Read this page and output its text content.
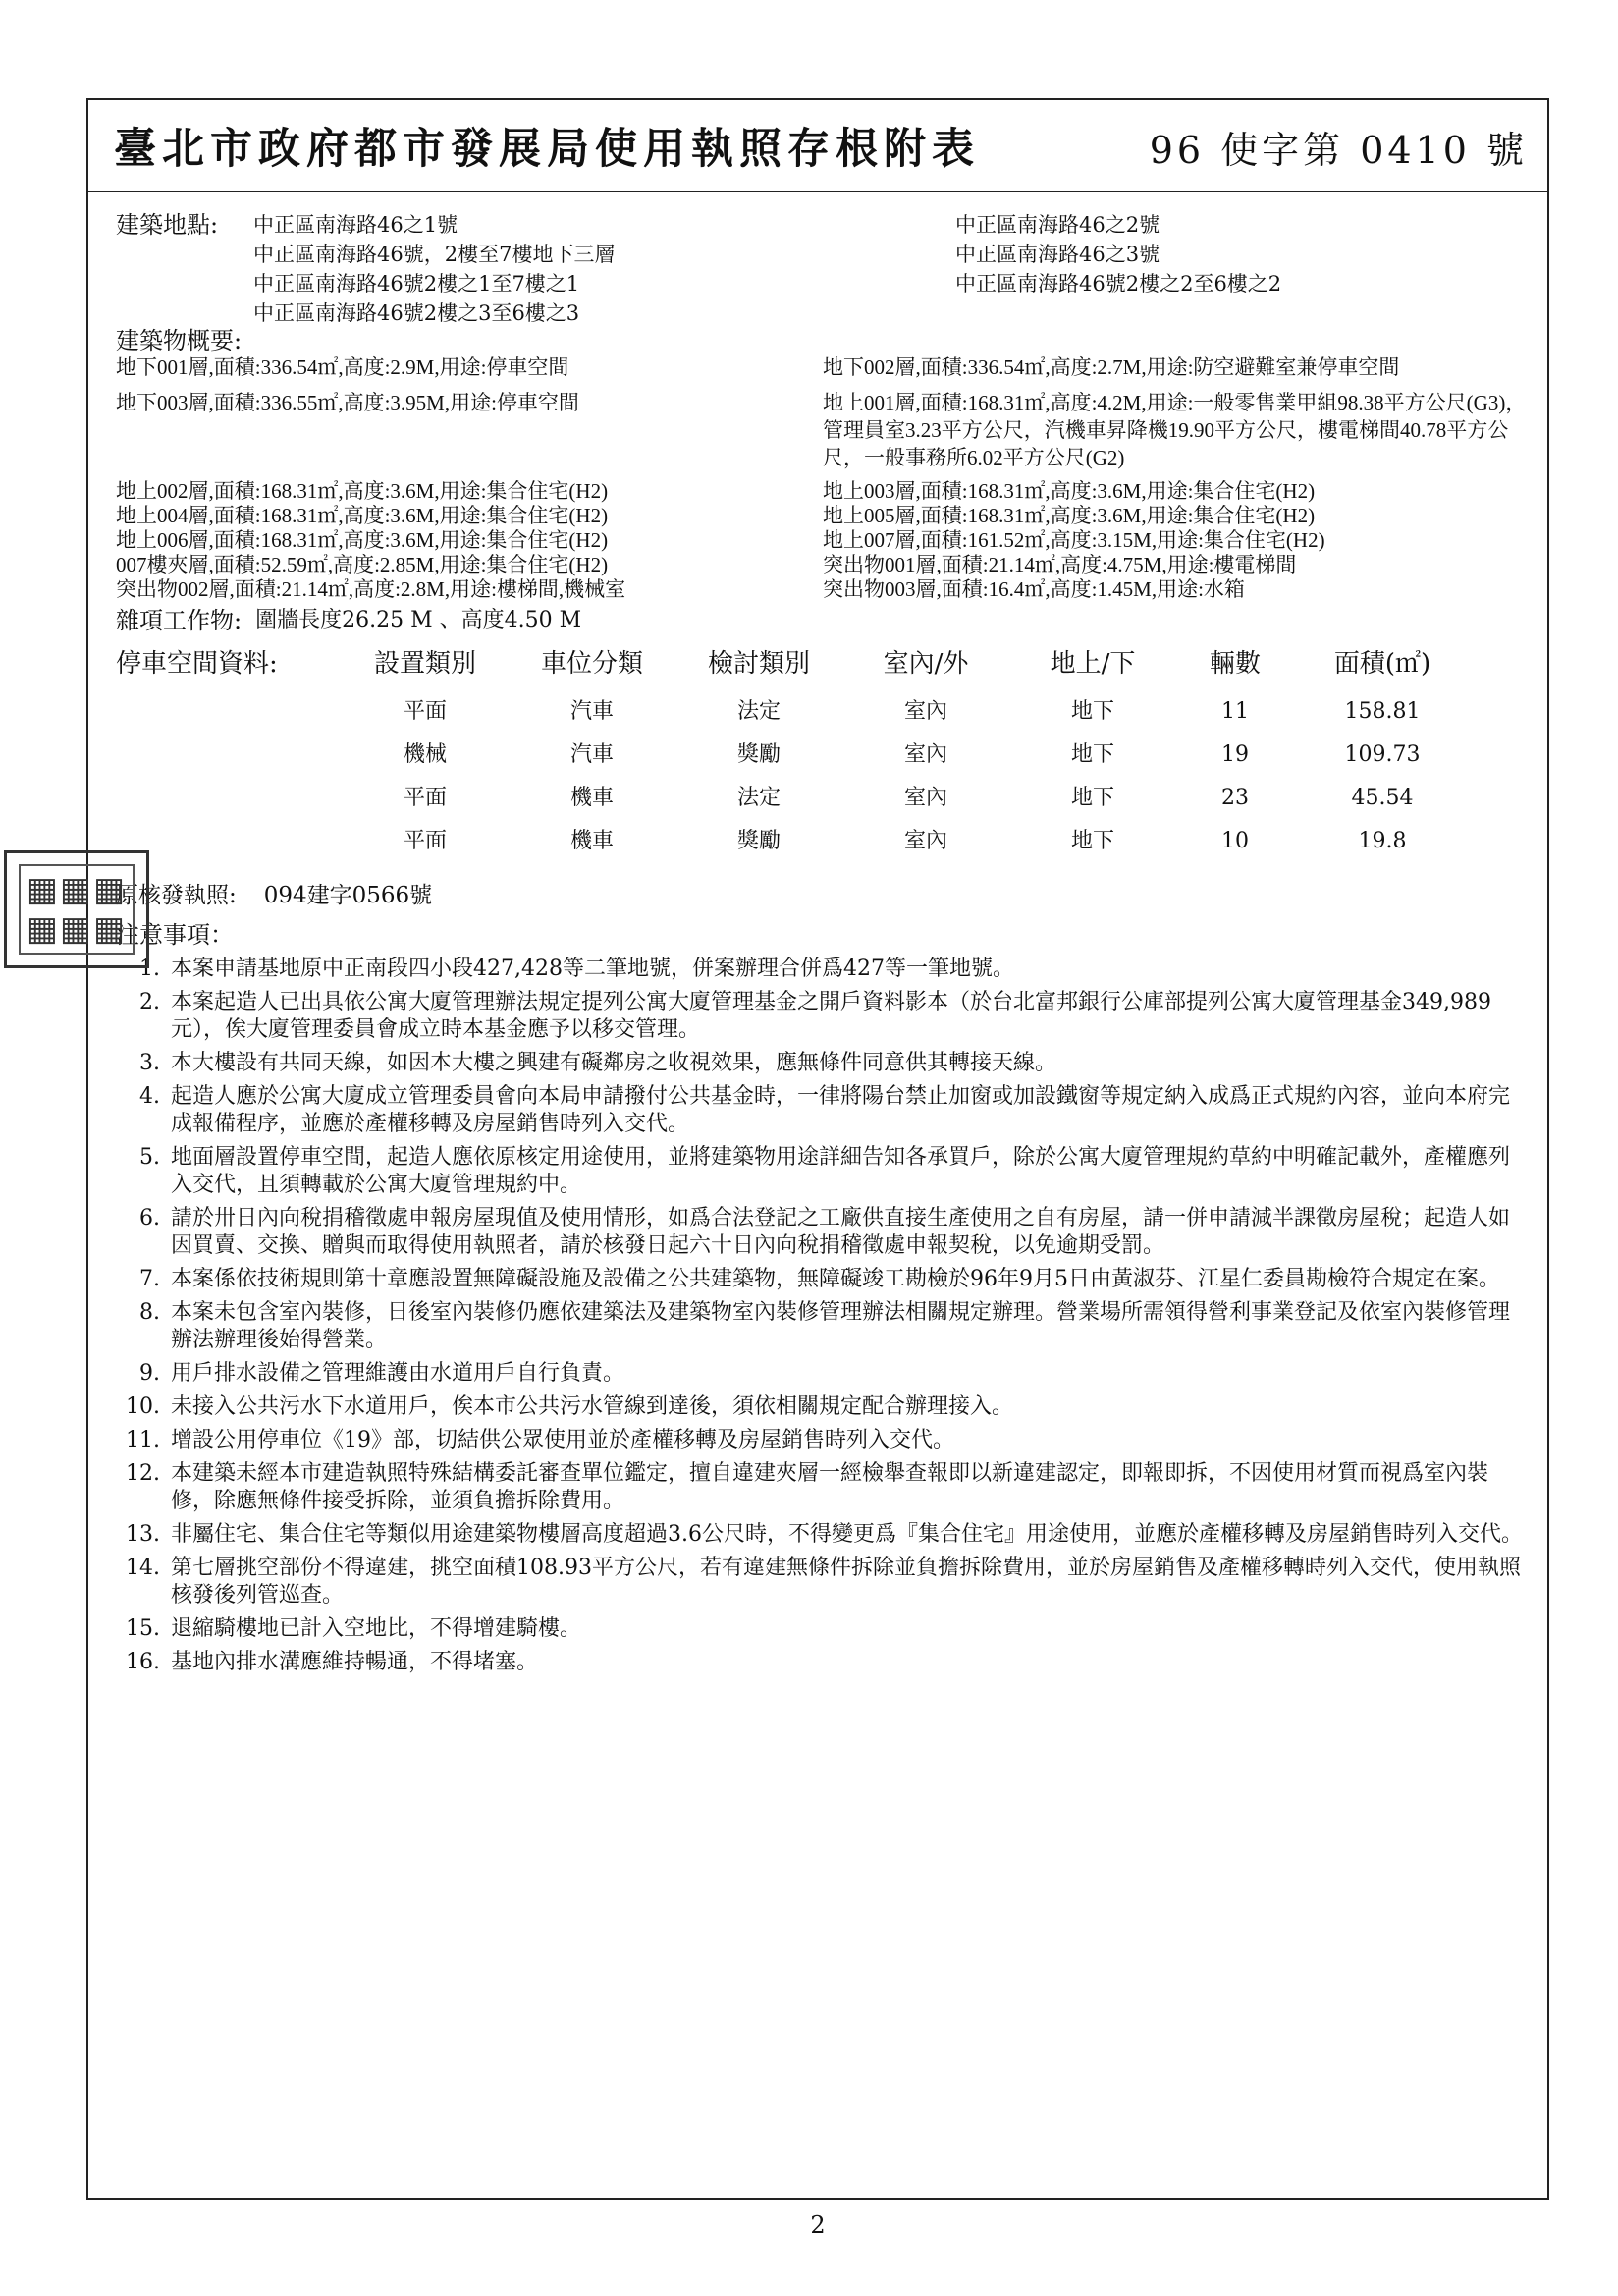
臺北市政府都市發展局使用執照存根附表	96 使字第 0410 號
建築地點:	中正區南海路46之1號	中正區南海路46之2號
中正區南海路46號，2樓至7樓地下三層	中正區南海路46之3號
中正區南海路46號2樓之1至7樓之1	中正區南海路46號2樓之2至6樓之2
中正區南海路46號2樓之3至6樓之3
建築物概要:
地下001層,面積:336.54㎡,高度:2.9M,用途:停車空間	地下002層,面積:336.54㎡,高度:2.7M,用途:防空避難室兼停車空間
地下003層,面積:336.55㎡,高度:3.95M,用途:停車空間	地上001層,面積:168.31㎡,高度:4.2M,用途:一般零售業甲組98.38平方公尺(G3)，管理員室3.23平方公尺，汽機車昇降機19.90平方公尺，樓電梯間40.78平方公尺，一般事務所6.02平方公尺(G2)
地上002層,面積:168.31㎡,高度:3.6M,用途:集合住宅(H2)	地上003層,面積:168.31㎡,高度:3.6M,用途:集合住宅(H2)
地上004層,面積:168.31㎡,高度:3.6M,用途:集合住宅(H2)	地上005層,面積:168.31㎡,高度:3.6M,用途:集合住宅(H2)
地上006層,面積:168.31㎡,高度:3.6M,用途:集合住宅(H2)	地上007層,面積:161.52㎡,高度:3.15M,用途:集合住宅(H2)
007樓夾層,面積:52.59㎡,高度:2.85M,用途:集合住宅(H2)	突出物001層,面積:21.14㎡,高度:4.75M,用途:樓電梯間
突出物002層,面積:21.14㎡,高度:2.8M,用途:樓梯間,機械室	突出物003層,面積:16.4㎡,高度:1.45M,用途:水箱
雜項工作物: 圍牆長度26.25 M 、高度4.50 M
停車空間資料:	設置類別	車位分類	檢討類別	室內/外	地上/下	輛數	面積(㎡)
	平面	汽車	法定	室內	地下	11	158.81
	機械	汽車	獎勵	室內	地下	19	109.73
	平面	機車	法定	室內	地下	23	45.54
	平面	機車	獎勵	室內	地下	10	19.8
原核發執照: 094建字0566號
注意事項：
1. 本案申請基地原中正南段四小段427,428等二筆地號，併案辦理合併爲427等一筆地號。
2. 本案起造人已出具依公寓大廈管理辦法規定提列公寓大廈管理基金之開戶資料影本（於台北富邦銀行公庫部提列公寓大廈管理基金349,989元），俟大廈管理委員會成立時本基金應予以移交管理。
3. 本大樓設有共同天線，如因本大樓之興建有礙鄰房之收視效果，應無條件同意供其轉接天線。
4. 起造人應於公寓大廈成立管理委員會向本局申請撥付公共基金時，一律將陽台禁止加窗或加設鐵窗等規定納入成爲正式規約內容，並向本府完成報備程序，並應於產權移轉及房屋銷售時列入交代。
5. 地面層設置停車空間，起造人應依原核定用途使用，並將建築物用途詳細告知各承買戶，除於公寓大廈管理規約草約中明確記載外，產權應列入交代，且須轉載於公寓大廈管理規約中。
6. 請於卅日內向稅捐稽徵處申報房屋現值及使用情形，如爲合法登記之工廠供直接生產使用之自有房屋，請一併申請減半課徵房屋稅；起造人如因買賣、交換、贈與而取得使用執照者，請於核發日起六十日內向稅捐稽徵處申報契稅，以免逾期受罰。
7. 本案係依技術規則第十章應設置無障礙設施及設備之公共建築物，無障礙竣工勘檢於96年9月5日由黃淑芬、江星仁委員勘檢符合規定在案。
8. 本案未包含室內裝修，日後室內裝修仍應依建築法及建築物室內裝修管理辦法相關規定辦理。營業場所需領得營利事業登記及依室內裝修管理辦法辦理後始得營業。
9. 用戶排水設備之管理維護由水道用戶自行負責。
10. 未接入公共污水下水道用戶，俟本市公共污水管線到達後，須依相關規定配合辦理接入。
11. 增設公用停車位《19》部，切結供公眾使用並於產權移轉及房屋銷售時列入交代。
12. 本建築未經本市建造執照特殊結構委託審查單位鑑定，擅自違建夾層一經檢舉查報即以新違建認定，即報即拆，不因使用材質而視爲室內裝修，除應無條件接受拆除，並須負擔拆除費用。
13. 非屬住宅、集合住宅等類似用途建築物樓層高度超過3.6公尺時，不得變更爲『集合住宅』用途使用，並應於產權移轉及房屋銷售時列入交代。
14. 第七層挑空部份不得違建，挑空面積108.93平方公尺，若有違建無條件拆除並負擔拆除費用，並於房屋銷售及產權移轉時列入交代，使用執照核發後列管巡查。
15. 退縮騎樓地已計入空地比，不得增建騎樓。
16. 基地內排水溝應維持暢通，不得堵塞。
2
▦▦▦
▦▦▦
